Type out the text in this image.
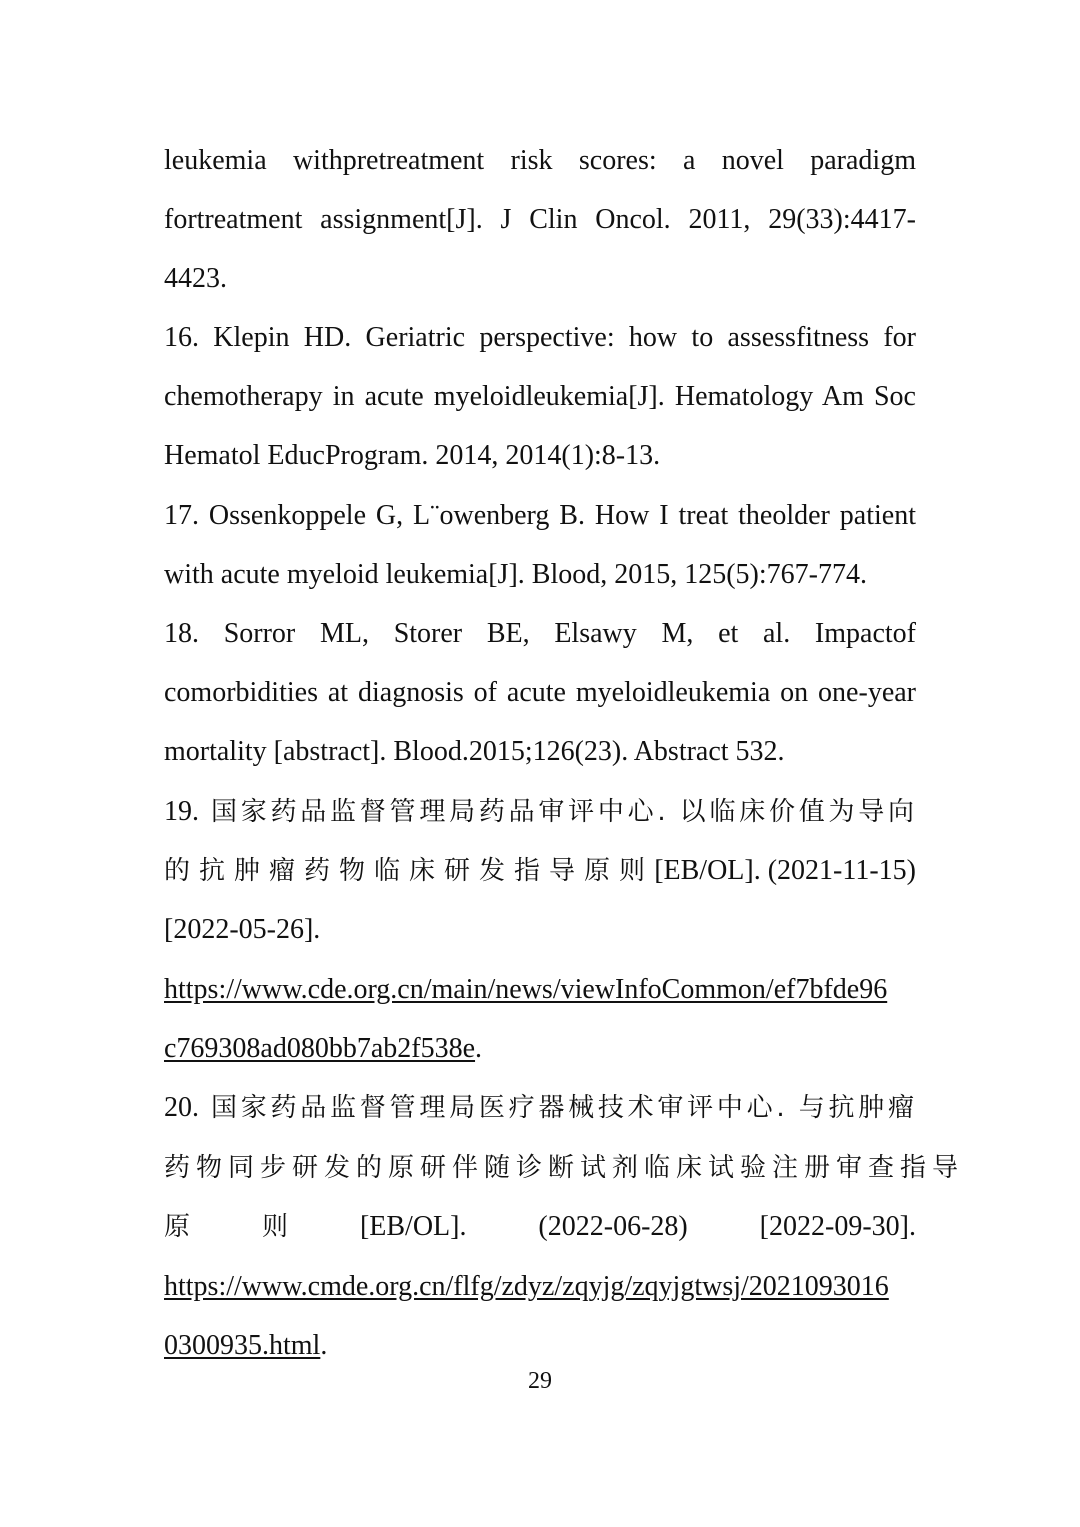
leukemia withpretreatment risk scores: a novel paradigm
fortreatment assignment[J]. J Clin Oncol. 2011, 29(33):4417-
4423.
16. Klepin HD. Geriatric perspective: how to assessfitness for
chemotherapy in acute myeloidleukemia[J]. Hematology Am Soc
Hematol EducProgram. 2014, 2014(1):8-13.
17. Ossenkoppele G, L¨owenberg B. How I treat theolder patient
with acute myeloid leukemia[J]. Blood, 2015, 125(5):767-774.
18. Sorror ML, Storer BE, Elsawy M, et al. Impactof
comorbidities at diagnosis of acute myeloidleukemia on one-year
mortality [abstract]. Blood.2015;126(23). Abstract 532.
19. 国家药品监督管理局药品审评中心. 以临床价值为导向
的抗肿瘤药物临床研发指导原则 [EB/OL]. (2021-11-15)
[2022-05-26].
https://www.cde.org.cn/main/news/viewInfoCommon/ef7bfde96
c769308ad080bb7ab2f538e.
20. 国家药品监督管理局医疗器械技术审评中心. 与抗肿瘤
药物同步研发的原研伴随诊断试剂临床试验注册审查指导
原	则	[EB/OL].	(2022-06-28)	[2022-09-30].
https://www.cmde.org.cn/flfg/zdyz/zqyjg/zqyjgtwsj/2021093016
0300935.html.
29
